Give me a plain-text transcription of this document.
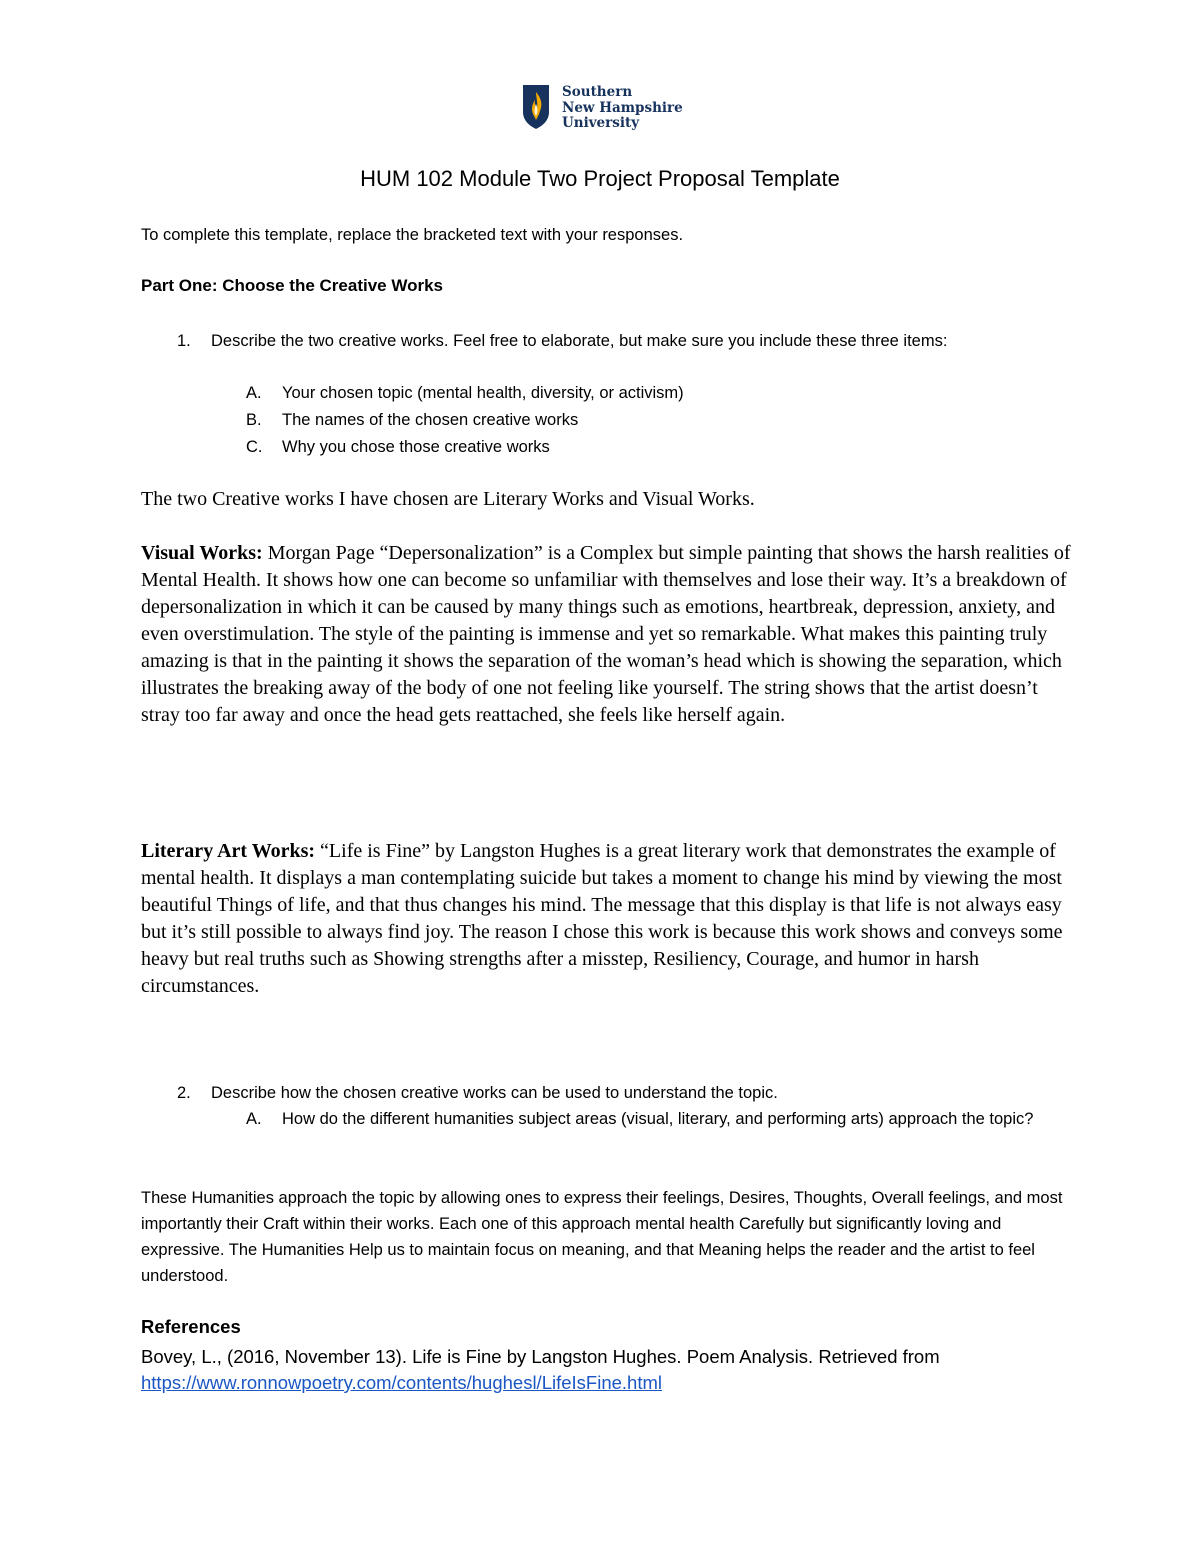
Southern
New Hampshire
University
HUM 102 Module Two Project Proposal Template
To complete this template, replace the bracketed text with your responses.
Part One: Choose the Creative Works
1. Describe the two creative works. Feel free to elaborate, but make sure you include these three items:
A. Your chosen topic (mental health, diversity, or activism)
B. The names of the chosen creative works
C. Why you chose those creative works
The two Creative works I have chosen are Literary Works and Visual Works.
Visual Works: Morgan Page “Depersonalization” is a Complex but simple painting that shows the harsh realities of Mental Health. It shows how one can become so unfamiliar with themselves and lose their way. It’s a breakdown of depersonalization in which it can be caused by many things such as emotions, heartbreak, depression, anxiety, and even overstimulation. The style of the painting is immense and yet so remarkable. What makes this painting truly amazing is that in the painting it shows the separation of the woman’s head which is showing the separation, which illustrates the breaking away of the body of one not feeling like yourself. The string shows that the artist doesn’t stray too far away and once the head gets reattached, she feels like herself again.
Literary Art Works: “Life is Fine” by Langston Hughes is a great literary work that demonstrates the example of mental health. It displays a man contemplating suicide but takes a moment to change his mind by viewing the most beautiful Things of life, and that thus changes his mind. The message that this display is that life is not always easy but it’s still possible to always find joy. The reason I chose this work is because this work shows and conveys some heavy but real truths such as Showing strengths after a misstep, Resiliency, Courage, and humor in harsh circumstances.
2. Describe how the chosen creative works can be used to understand the topic.
A. How do the different humanities subject areas (visual, literary, and performing arts) approach the topic?
These Humanities approach the topic by allowing ones to express their feelings, Desires, Thoughts, Overall feelings, and most importantly their Craft within their works. Each one of this approach mental health Carefully but significantly loving and expressive. The Humanities Help us to maintain focus on meaning, and that Meaning helps the reader and the artist to feel understood.
References
Bovey, L., (2016, November 13). Life is Fine by Langston Hughes. Poem Analysis. Retrieved from
https://www.ronnowpoetry.com/contents/hughesl/LifeIsFine.html
